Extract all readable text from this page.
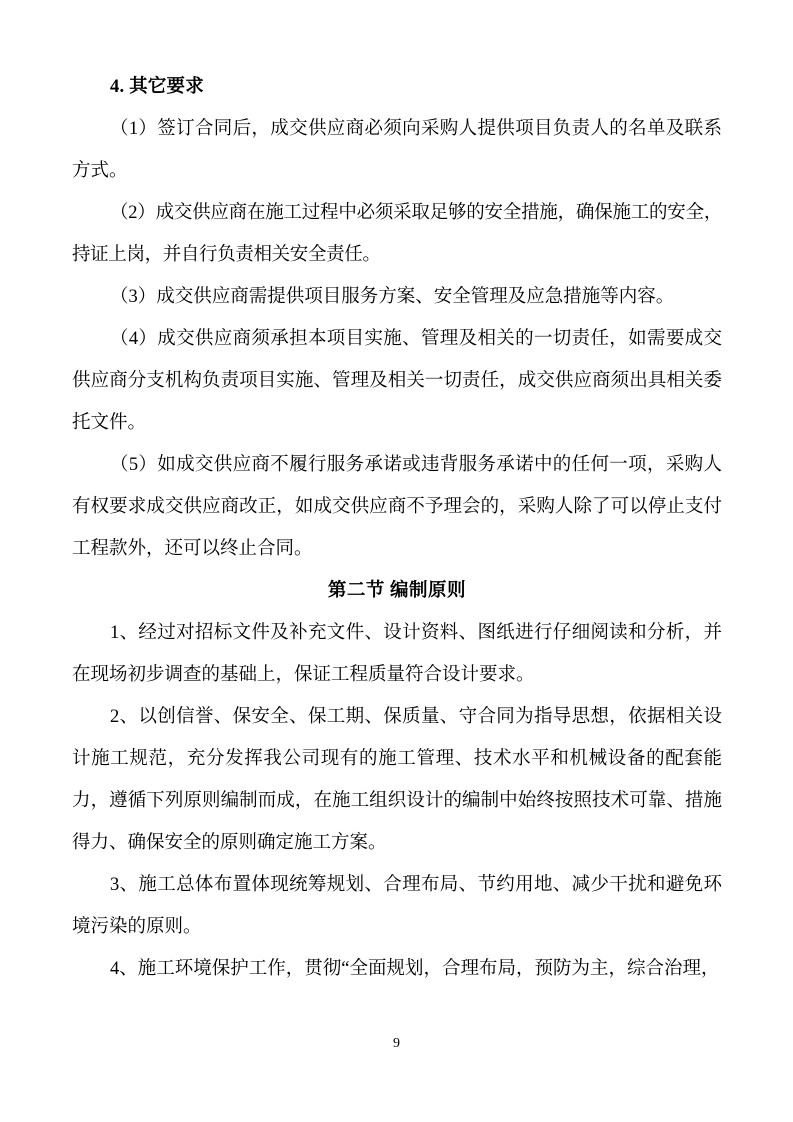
4. 其它要求

（1）签订合同后，成交供应商必须向采购人提供项目负责人的名单及联系方式。

（2）成交供应商在施工过程中必须采取足够的安全措施，确保施工的安全，持证上岗，并自行负责相关安全责任。

（3）成交供应商需提供项目服务方案、安全管理及应急措施等内容。

（4）成交供应商须承担本项目实施、管理及相关的一切责任，如需要成交供应商分支机构负责项目实施、管理及相关一切责任，成交供应商须出具相关委托文件。

（5）如成交供应商不履行服务承诺或违背服务承诺中的任何一项，采购人有权要求成交供应商改正，如成交供应商不予理会的，采购人除了可以停止支付工程款外，还可以终止合同。

第二节 编制原则

1、经过对招标文件及补充文件、设计资料、图纸进行仔细阅读和分析，并在现场初步调查的基础上，保证工程质量符合设计要求。

2、以创信誉、保安全、保工期、保质量、守合同为指导思想，依据相关设计施工规范，充分发挥我公司现有的施工管理、技术水平和机械设备的配套能力，遵循下列原则编制而成，在施工组织设计的编制中始终按照技术可靠、措施得力、确保安全的原则确定施工方案。

3、施工总体布置体现统筹规划、合理布局、节约用地、减少干扰和避免环境污染的原则。

4、施工环境保护工作，贯彻“全面规划，合理布局，预防为主，综合治理，

9
